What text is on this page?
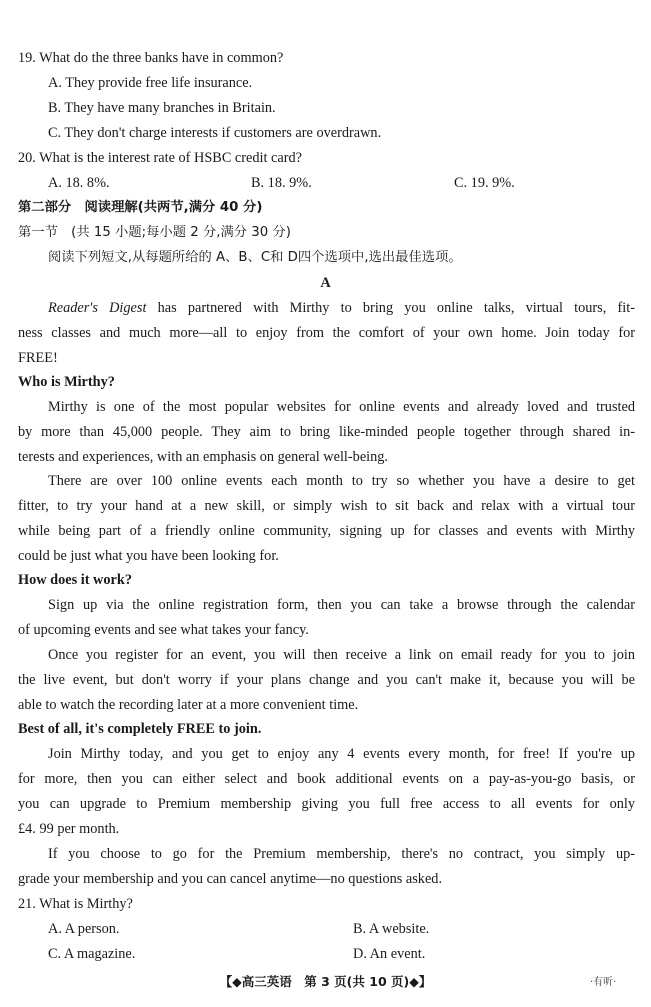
19. What do the three banks have in common?
A. They provide free life insurance.
B. They have many branches in Britain.
C. They don't charge interests if customers are overdrawn.
20. What is the interest rate of HSBC credit card?
A. 18. 8%.	B. 18. 9%.	C. 19. 9%.
第二部分　阅读理解(共两节,满分 40 分)
第一节　(共 15 小题;每小题 2 分,满分 30 分)
阅读下列短文,从每题所给的 A、B、C和 D四个选项中,选出最佳选项。
A
Reader's Digest has partnered with Mirthy to bring you online talks, virtual tours, fit-
ness classes and much more—all to enjoy from the comfort of your own home. Join today for
FREE!
Who is Mirthy?
Mirthy is one of the most popular websites for online events and already loved and trusted
by more than 45,000 people. They aim to bring like-minded people together through shared in-
terests and experiences, with an emphasis on general well-being.
There are over 100 online events each month to try so whether you have a desire to get
fitter, to try your hand at a new skill, or simply wish to sit back and relax with a virtual tour
while being part of a friendly online community, signing up for classes and events with Mirthy
could be just what you have been looking for.
How does it work?
Sign up via the online registration form, then you can take a browse through the calendar
of upcoming events and see what takes your fancy.
Once you register for an event, you will then receive a link on email ready for you to join
the live event, but don't worry if your plans change and you can't make it, because you will be
able to watch the recording later at a more convenient time.
Best of all, it's completely FREE to join.
Join Mirthy today, and you get to enjoy any 4 events every month, for free! If you're up
for more, then you can either select and book additional events on a pay-as-you-go basis, or
you can upgrade to Premium membership giving you full free access to all events for only
£4. 99 per month.
If you choose to go for the Premium membership, there's no contract, you simply up-
grade your membership and you can cancel anytime—no questions asked.
21. What is Mirthy?
A. A person.	B. A website.
C. A magazine.	D. An event.
【◆高三英语　第 3 页(共 10 页)◆】	·有听·
